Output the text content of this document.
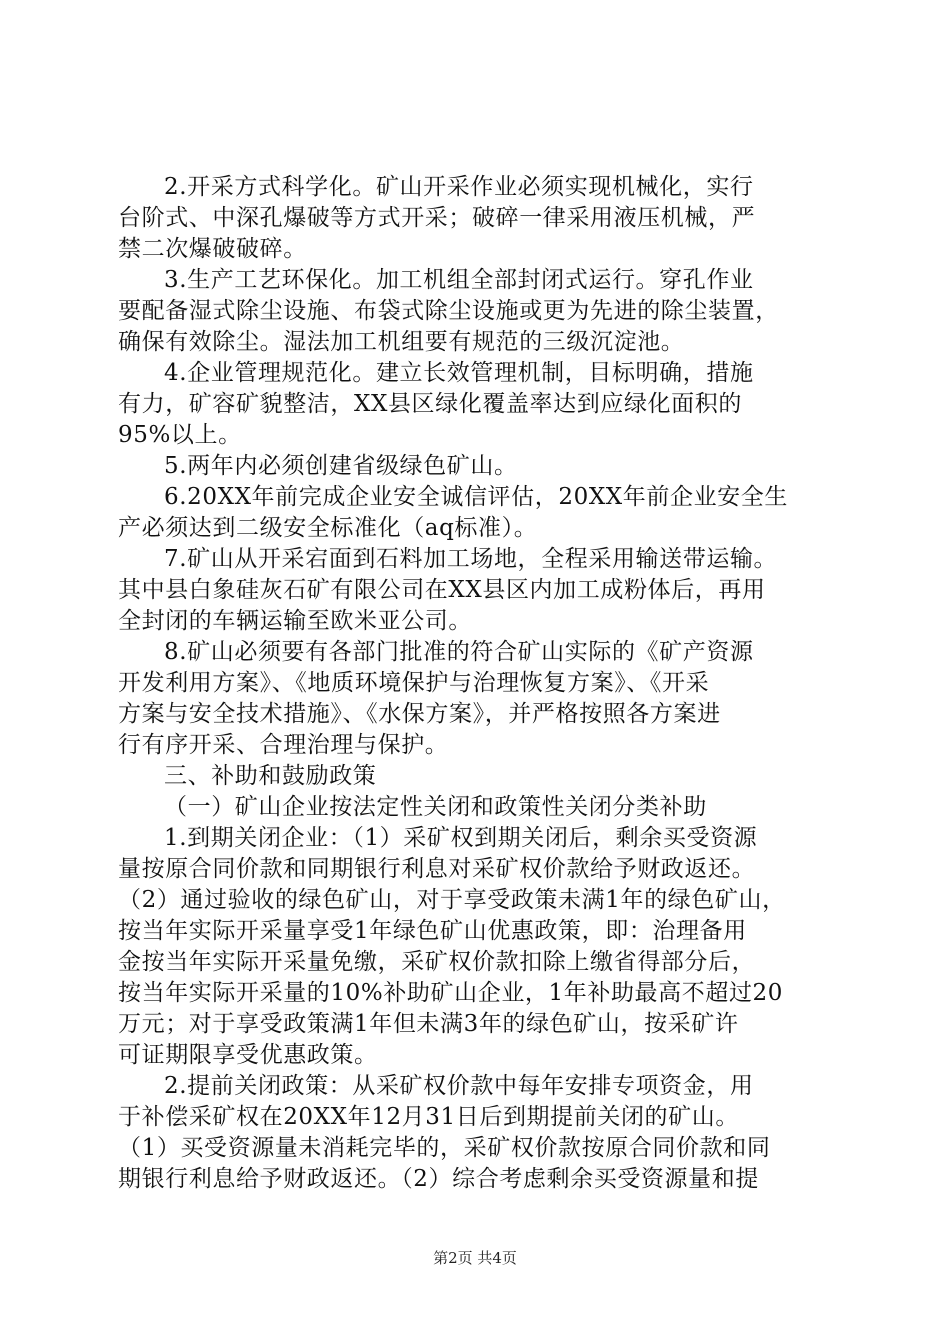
2.开采方式科学化。矿山开采作业必须实现机械化，实行
台阶式、中深孔爆破等方式开采；破碎一律采用液压机械，严
禁二次爆破破碎。
3.生产工艺环保化。加工机组全部封闭式运行。穿孔作业
要配备湿式除尘设施、布袋式除尘设施或更为先进的除尘装置，
确保有效除尘。湿法加工机组要有规范的三级沉淀池。
4.企业管理规范化。建立长效管理机制，目标明确，措施
有力，矿容矿貌整洁，XX县区绿化覆盖率达到应绿化面积的
95%以上。
5.两年内必须创建省级绿色矿山。
6.20XX年前完成企业安全诚信评估，20XX年前企业安全生
产必须达到二级安全标准化（aq标准）。
7.矿山从开采宕面到石料加工场地，全程采用输送带运输。
其中县白象硅灰石矿有限公司在XX县区内加工成粉体后，再用
全封闭的车辆运输至欧米亚公司。
8.矿山必须要有各部门批准的符合矿山实际的《矿产资源
开发利用方案》、《地质环境保护与治理恢复方案》、《开采
方案与安全技术措施》、《水保方案》，并严格按照各方案进
行有序开采、合理治理与保护。
三、补助和鼓励政策
（一）矿山企业按法定性关闭和政策性关闭分类补助
1.到期关闭企业：（1）采矿权到期关闭后，剩余买受资源
量按原合同价款和同期银行利息对采矿权价款给予财政返还。
（2）通过验收的绿色矿山，对于享受政策未满1年的绿色矿山，
按当年实际开采量享受1年绿色矿山优惠政策，即：治理备用
金按当年实际开采量免缴，采矿权价款扣除上缴省得部分后，
按当年实际开采量的10%补助矿山企业，1年补助最高不超过20
万元；对于享受政策满1年但未满3年的绿色矿山，按采矿许
可证期限享受优惠政策。
2.提前关闭政策：从采矿权价款中每年安排专项资金，用
于补偿采矿权在20XX年12月31日后到期提前关闭的矿山。
（1）买受资源量未消耗完毕的，采矿权价款按原合同价款和同
期银行利息给予财政返还。（2）综合考虑剩余买受资源量和提
第2页 共4页
